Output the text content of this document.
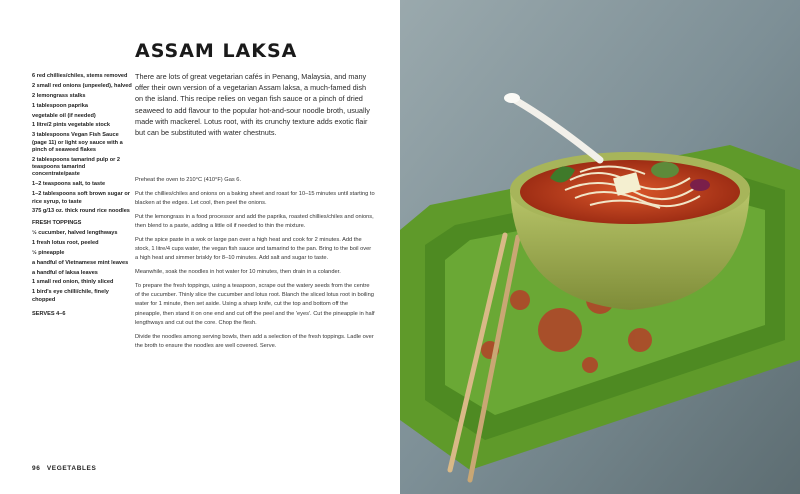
ASSAM LAKSA
6 red chillies/chiles, stems removed
2 small red onions (unpeeled), halved
2 lemongrass stalks
1 tablespoon paprika
vegetable oil (if needed)
1 litre/2 pints vegetable stock
3 tablespoons Vegan Fish Sauce (page 11) or light soy sauce with a pinch of seaweed flakes
2 tablespoons tamarind pulp or 2 teaspoons tamarind concentrate/paste
1–2 teaspoons salt, to taste
1–2 tablespoons soft brown sugar or rice syrup, to taste
375 g/13 oz. thick round rice noodles
FRESH TOPPINGS
½ cucumber, halved lengthways
1 fresh lotus root, peeled
½ pineapple
a handful of Vietnamese mint leaves
a handful of laksa leaves
1 small red onion, thinly sliced
1 bird's eye chilli/chile, finely chopped
SERVES 4–6
There are lots of great vegetarian cafés in Penang, Malaysia, and many offer their own version of a vegetarian Assam laksa, a much-famed dish on the island. This recipe relies on vegan fish sauce or a pinch of dried seaweed to add flavour to the popular hot-and-sour noodle broth, usually made with mackerel. Lotus root, with its crunchy texture adds exotic flair but can be substituted with water chestnuts.

Preheat the oven to 210°C (410°F) Gas 6.

Put the chillies/chiles and onions on a baking sheet and roast for 10–15 minutes until starting to blacken at the edges. Let cool, then peel the onions.

Put the lemongrass in a food processor and add the paprika, roasted chillies/chiles and onions, then blend to a paste, adding a little oil if needed to thin the mixture.

Put the spice paste in a wok or large pan over a high heat and cook for 2 minutes. Add the stock, 1 litre/4 cups water, the vegan fish sauce and tamarind to the pan. Bring to the boil over a high heat and simmer briskly for 8–10 minutes. Add salt and sugar to taste.

Meanwhile, soak the noodles in hot water for 10 minutes, then drain in a colander.

To prepare the fresh toppings, using a teaspoon, scrape out the watery seeds from the centre of the cucumber. Thinly slice the cucumber and lotus root. Blanch the sliced lotus root in boiling water for 1 minute, then set aside. Using a sharp knife, cut the top and bottom off the pineapple, then stand it on one end and cut off the peel and the 'eyes'. Cut the pineapple in half lengthways and cut out the core. Chop the flesh.

Divide the noodles among serving bowls, then add a selection of the fresh toppings. Ladle over the broth to ensure the noodles are well covered. Serve.

96 VEGETABLES
